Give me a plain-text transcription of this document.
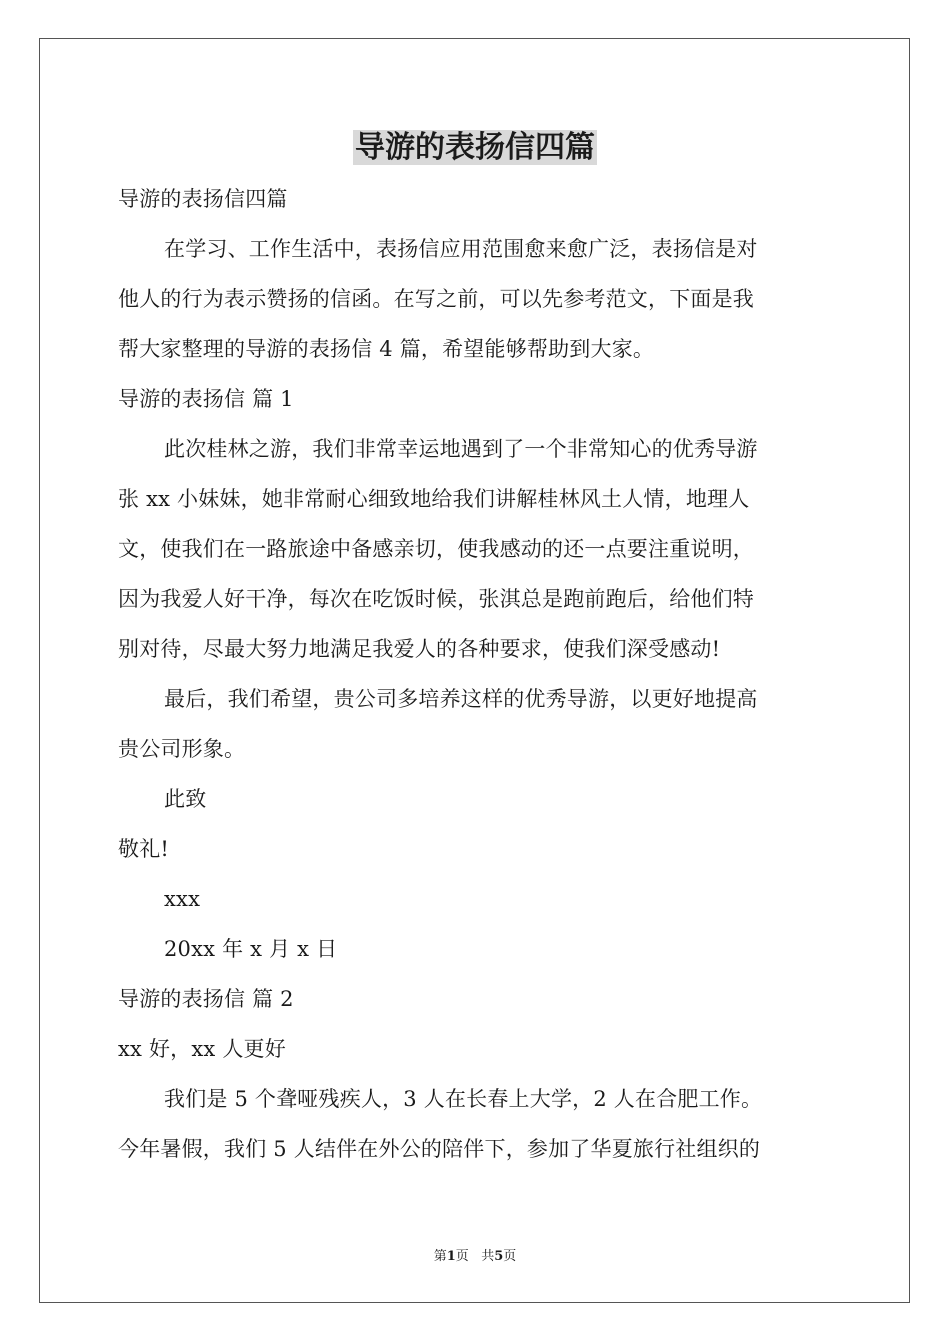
导游的表扬信四篇
导游的表扬信四篇
在学习、工作生活中，表扬信应用范围愈来愈广泛，表扬信是对
他人的行为表示赞扬的信函。在写之前，可以先参考范文，下面是我
帮大家整理的导游的表扬信 4 篇，希望能够帮助到大家。
导游的表扬信 篇 1
此次桂林之游，我们非常幸运地遇到了一个非常知心的优秀导游
张 xx 小妹妹，她非常耐心细致地给我们讲解桂林风土人情，地理人
文，使我们在一路旅途中备感亲切，使我感动的还一点要注重说明，
因为我爱人好干净，每次在吃饭时候，张淇总是跑前跑后，给他们特
别对待，尽最大努力地满足我爱人的各种要求，使我们深受感动!
最后，我们希望，贵公司多培养这样的优秀导游，以更好地提高
贵公司形象。
此致
敬礼!
xxx
20xx 年 x 月 x 日
导游的表扬信 篇 2
xx 好，xx 人更好
我们是 5 个聋哑残疾人，3 人在长春上大学，2 人在合肥工作。
今年暑假，我们 5 人结伴在外公的陪伴下，参加了华夏旅行社组织的
第1页 共5页
